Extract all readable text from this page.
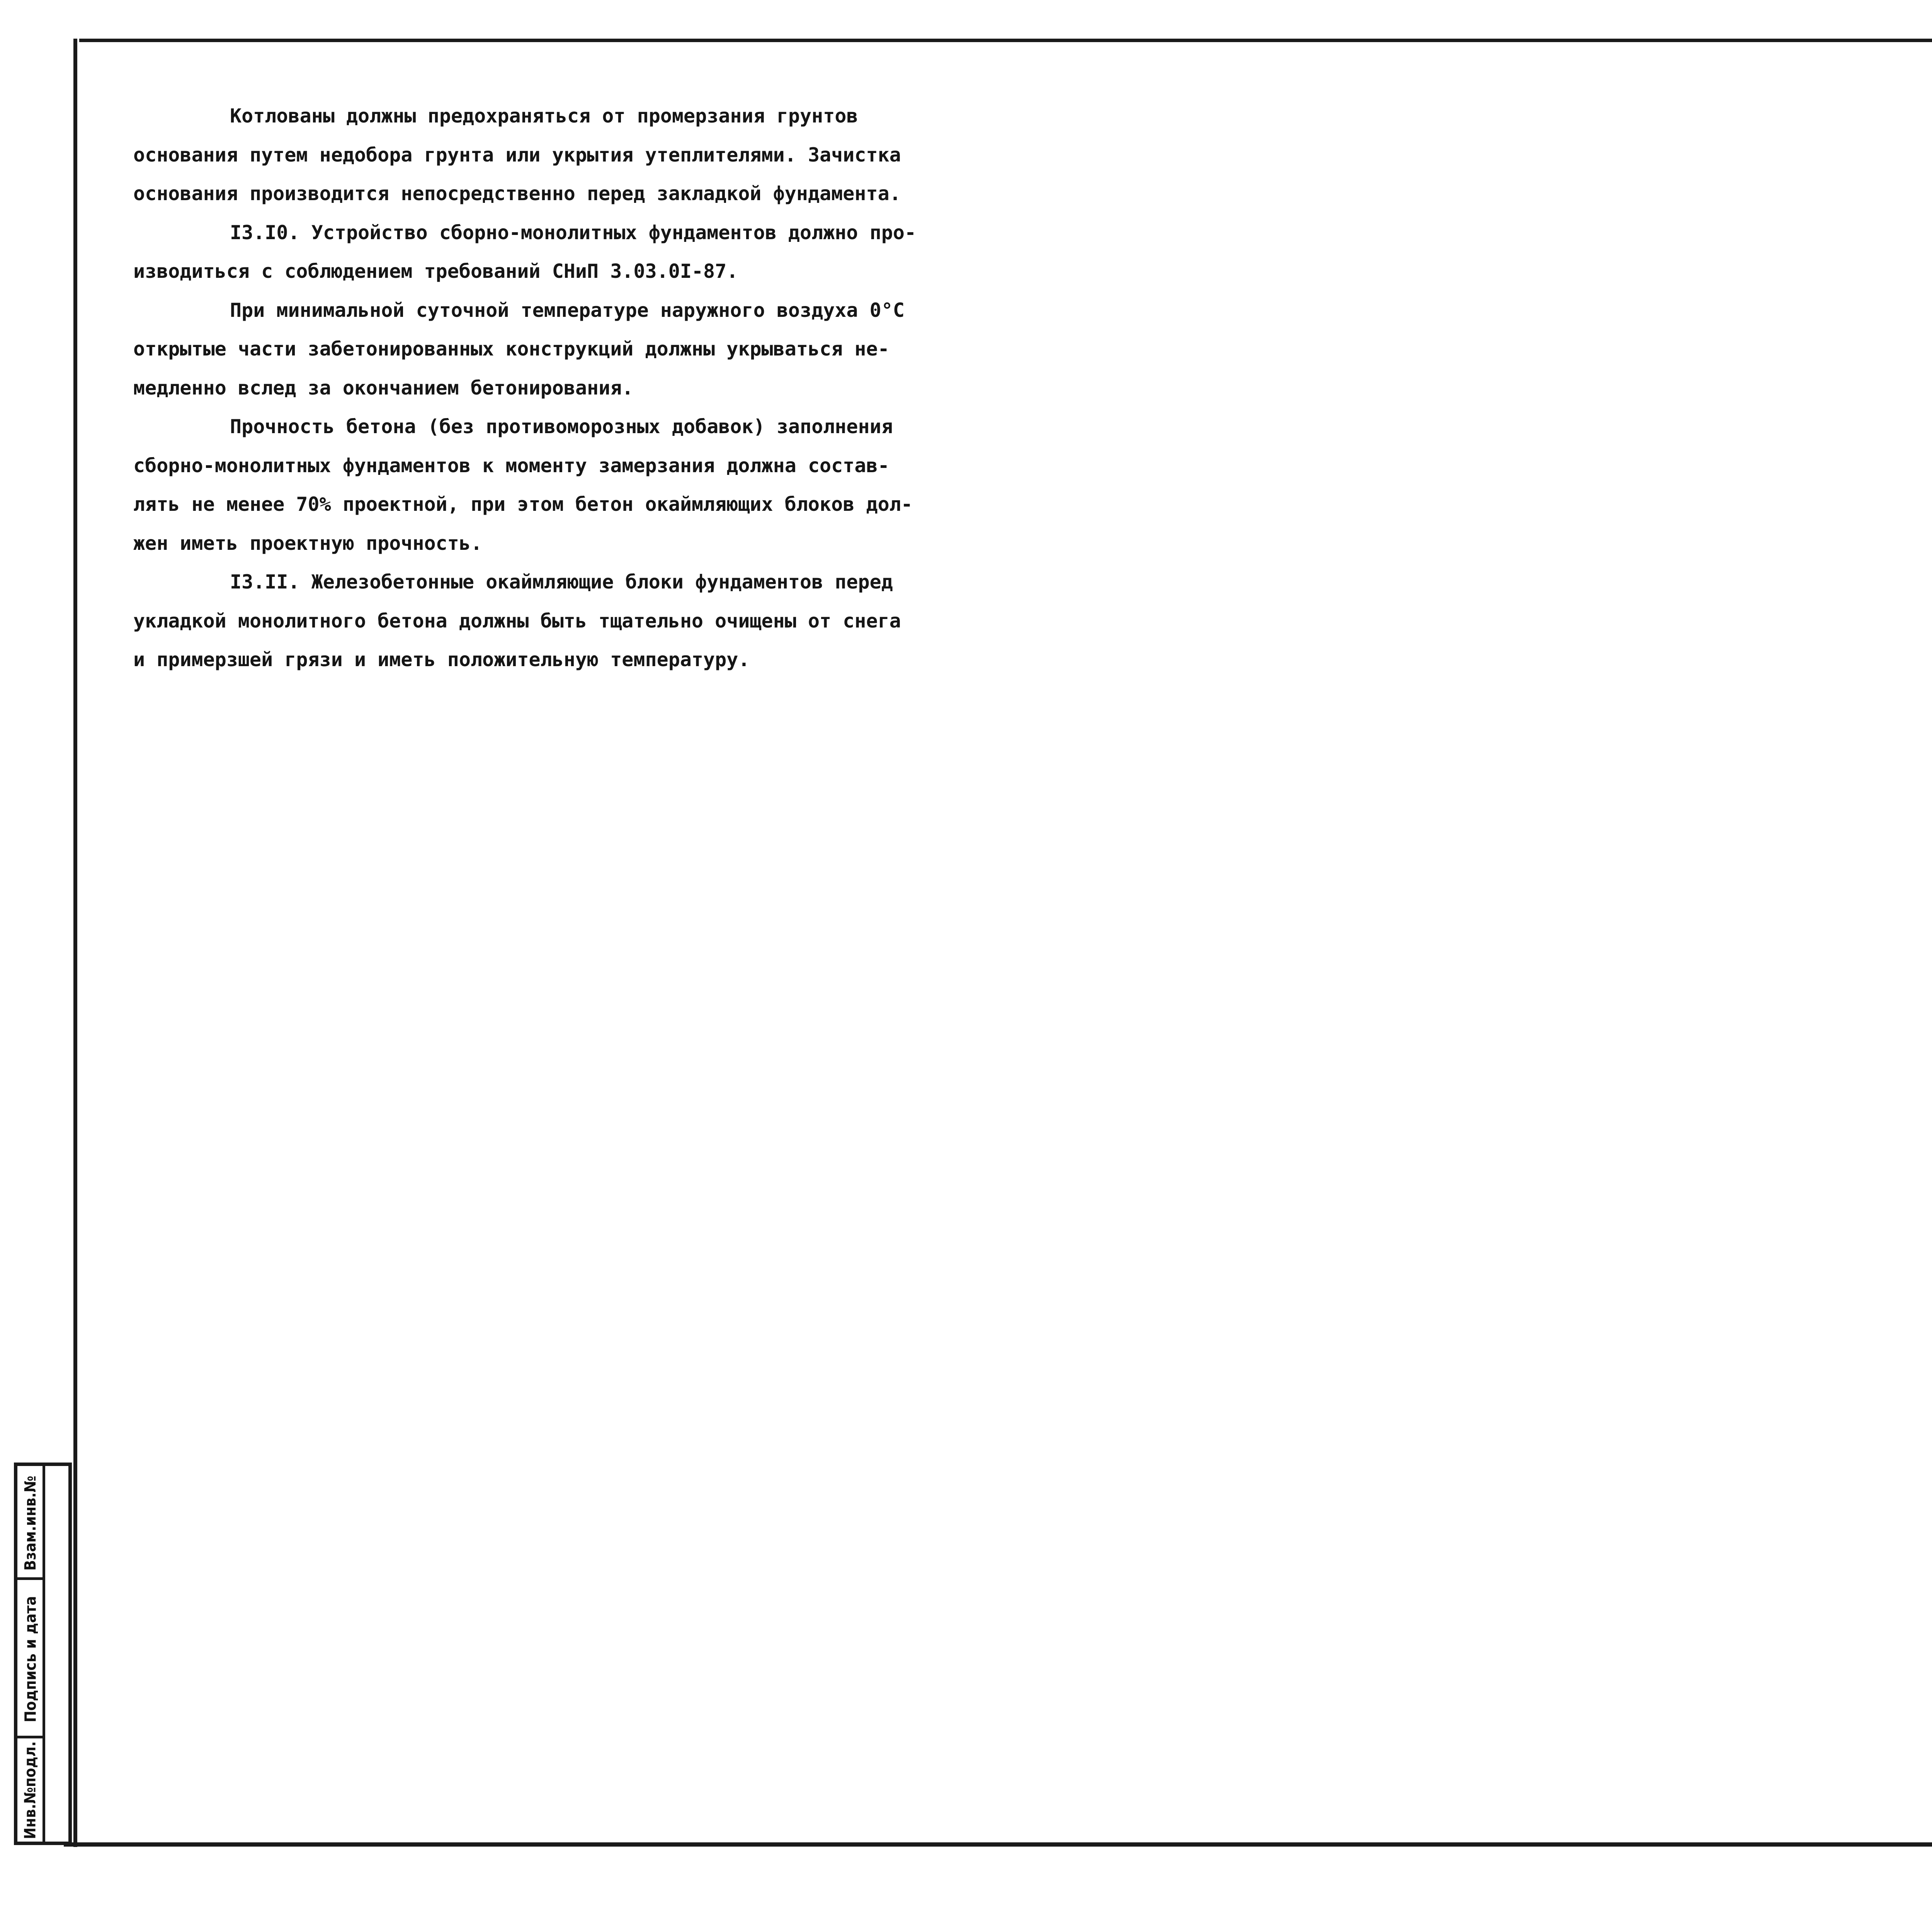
Котлованы должны предохраняться от промерзания грунтов
основания путем недобора грунта или укрытия утеплителями. Зачистка
основания производится непосредственно перед закладкой фундамента.
I3.I0. Устройство сборно-монолитных фундаментов должно про-
изводиться с соблюдением требований СНиП 3.03.0I-87.
При минимальной суточной температуре наружного воздуха 0°C
открытые части забетонированных конструкций должны укрываться не-
медленно вслед за окончанием бетонирования.
Прочность бетона (без противоморозных добавок) заполнения
сборно-монолитных фундаментов к моменту замерзания должна состав-
лять не менее 70% проектной, при этом бетон окаймляющих блоков дол-
жен иметь проектную прочность.
I3.II. Железобетонные окаймляющие блоки фундаментов перед
укладкой монолитного бетона должны быть тщательно очищены от снега
и примерзшей грязи и иметь положительную температуру.
Взам.инв.№
Подпись и дата
Инв.№подл.
